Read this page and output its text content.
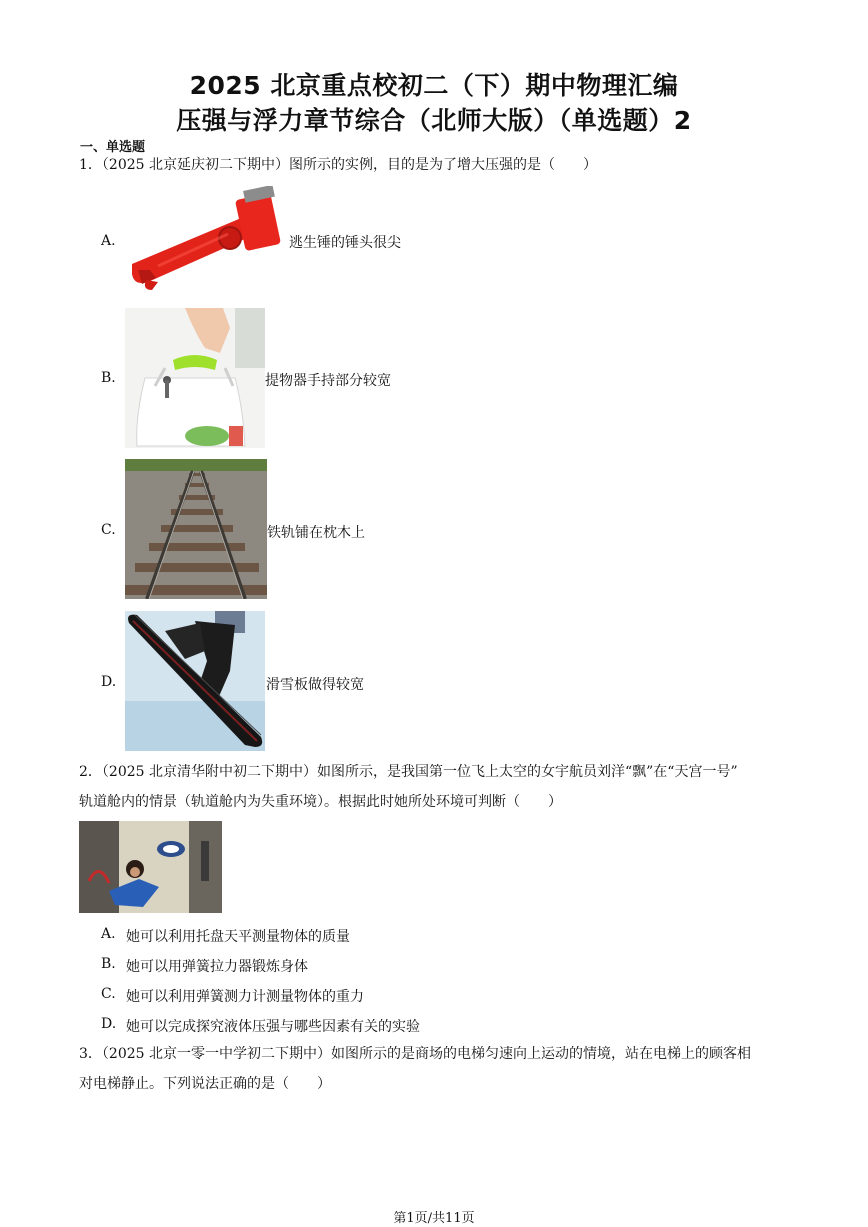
2025 北京重点校初二（下）期中物理汇编
压强与浮力章节综合（北师大版）（单选题）2
一、单选题
1．（2025 北京延庆初二下期中）图所示的实例，目的是为了增大压强的是（　　）
A.	逃生锤的锤头很尖
B.	提物器手持部分较宽
C.	铁轨铺在枕木上
D.	滑雪板做得较宽
2．（2025 北京清华附中初二下期中）如图所示，是我国第一位飞上太空的女宇航员刘洋“飘”在“天宫一号”
轨道舱内的情景（轨道舱内为失重环境）。根据此时她所处环境可判断（　　）
A. 她可以利用托盘天平测量物体的质量
B. 她可以用弹簧拉力器锻炼身体
C. 她可以利用弹簧测力计测量物体的重力
D. 她可以完成探究液体压强与哪些因素有关的实验
3．（2025 北京一零一中学初二下期中）如图所示的是商场的电梯匀速向上运动的情境，站在电梯上的顾客相
对电梯静止。下列说法正确的是（　　）
第1页/共11页
